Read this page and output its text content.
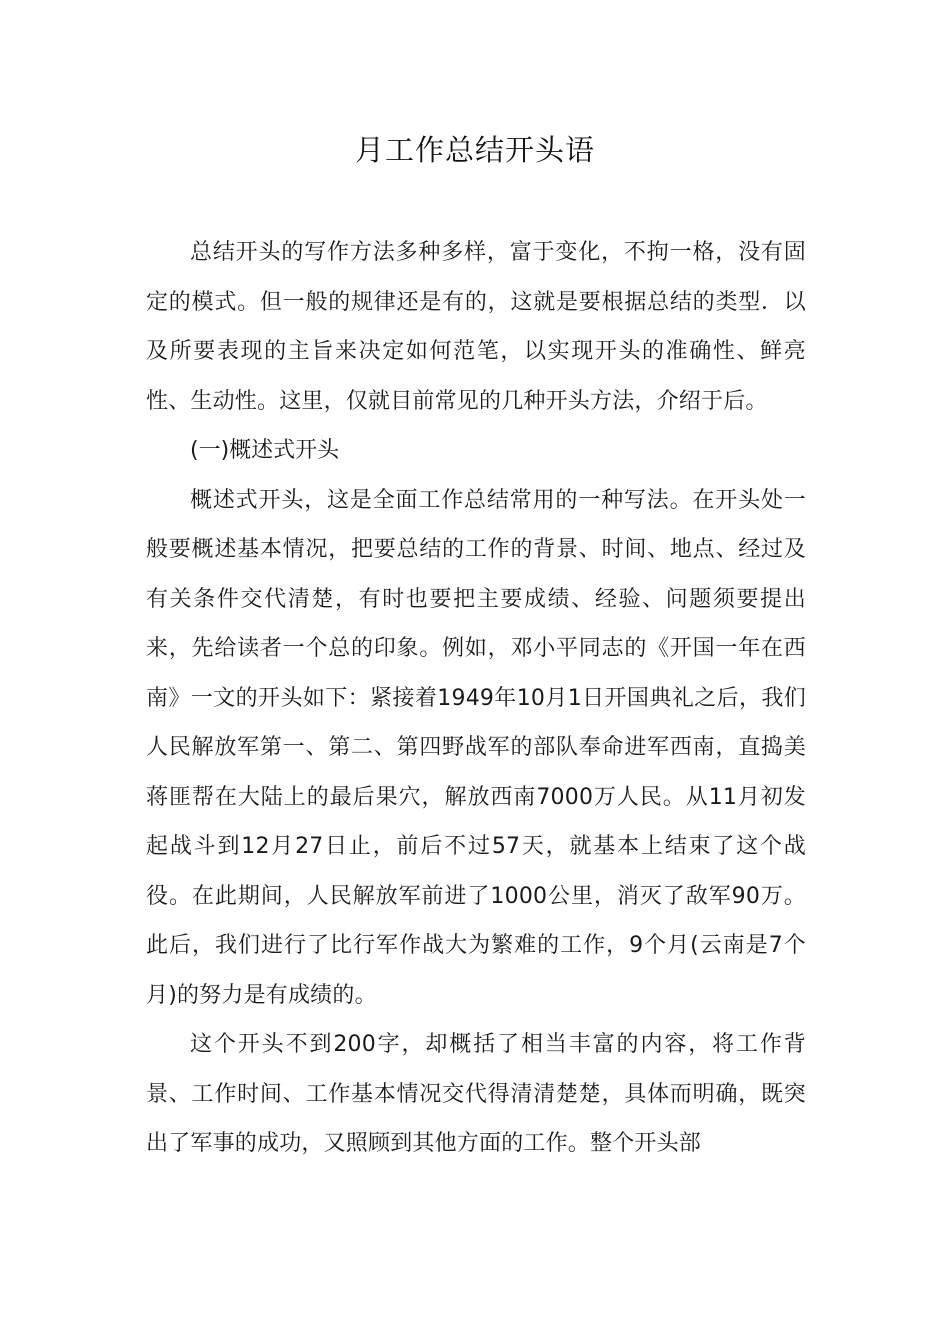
月工作总结开头语

总结开头的写作方法多种多样，富于变化，不拘一格，没有固定的模式。但一般的规律还是有的，这就是要根据总结的类型．以及所要表现的主旨来决定如何范笔，以实现开头的准确性、鲜亮性、生动性。这里，仅就目前常见的几种开头方法，介绍于后。

(一)概述式开头

概述式开头，这是全面工作总结常用的一种写法。在开头处一般要概述基本情况，把要总结的工作的背景、时间、地点、经过及有关条件交代清楚，有时也要把主要成绩、经验、问题须要提出来，先给读者一个总的印象。例如，邓小平同志的《开国一年在西南》一文的开头如下：紧接着1949年10月1日开国典礼之后，我们人民解放军第一、第二、第四野战军的部队奉命进军西南，直捣美蒋匪帮在大陆上的最后果穴，解放西南7000万人民。从11月初发起战斗到12月27日止，前后不过57天，就基本上结束了这个战役。在此期间，人民解放军前进了1000公里，消灭了敌军90万。 此后，我们进行了比行军作战大为繁难的工作，9个月(云南是7个月)的努力是有成绩的。

这个开头不到200字，却概括了相当丰富的内容，将工作背景、工作时间、工作基本情况交代得清清楚楚，具体而明确，既突出了军事的成功，又照顾到其他方面的工作。整个开头部
